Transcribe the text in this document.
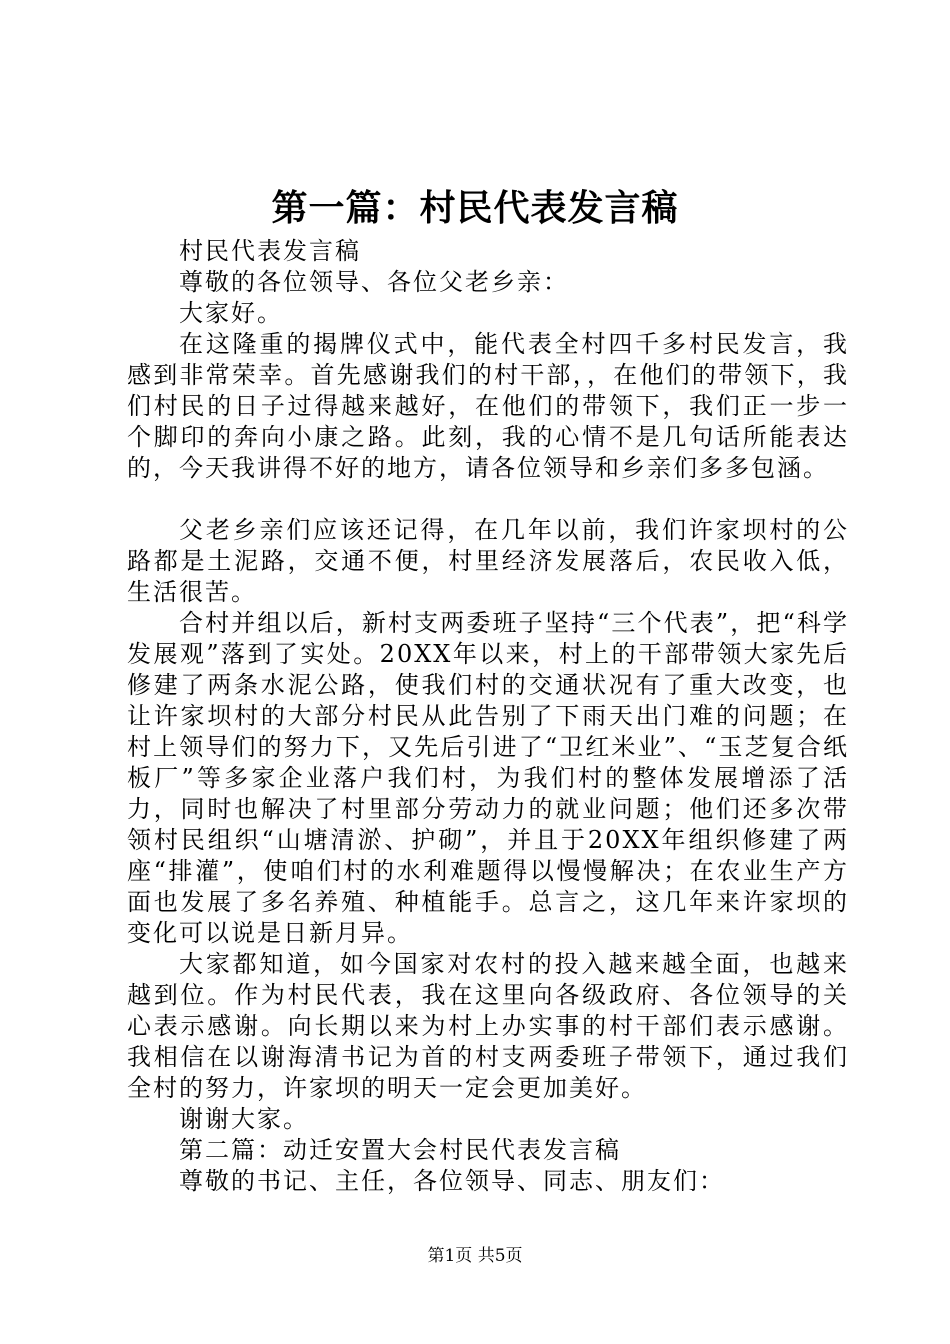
第一篇：村民代表发言稿

村民代表发言稿

尊敬的各位领导、各位父老乡亲：

大家好。

在这隆重的揭牌仪式中，能代表全村四千多村民发言，我感到非常荣幸。首先感谢我们的村干部，，在他们的带领下，我们村民的日子过得越来越好，在他们的带领下，我们正一步一个脚印的奔向小康之路。此刻，我的心情不是几句话所能表达的，今天我讲得不好的地方，请各位领导和乡亲们多多包涵。

父老乡亲们应该还记得，在几年以前，我们许家坝村的公路都是土泥路，交通不便，村里经济发展落后，农民收入低，生活很苦。

合村并组以后，新村支两委班子坚持“三个代表”，把“科学发展观”落到了实处。20XX年以来，村上的干部带领大家先后修建了两条水泥公路，使我们村的交通状况有了重大改变，也让许家坝村的大部分村民从此告别了下雨天出门难的问题；在村上领导们的努力下，又先后引进了“卫红米业”、“玉芝复合纸板厂”等多家企业落户我们村，为我们村的整体发展增添了活力，同时也解决了村里部分劳动力的就业问题；他们还多次带领村民组织“山塘清淤、护砌”，并且于20XX年组织修建了两座“排灌”，使咱们村的水利难题得以慢慢解决；在农业生产方面也发展了多名养殖、种植能手。总言之，这几年来许家坝的变化可以说是日新月异。

大家都知道，如今国家对农村的投入越来越全面，也越来越到位。作为村民代表，我在这里向各级政府、各位领导的关心表示感谢。向长期以来为村上办实事的村干部们表示感谢。我相信在以谢海清书记为首的村支两委班子带领下，通过我们全村的努力，许家坝的明天一定会更加美好。

谢谢大家。

第二篇：动迁安置大会村民代表发言稿

尊敬的书记、主任，各位领导、同志、朋友们：

第1页 共5页
